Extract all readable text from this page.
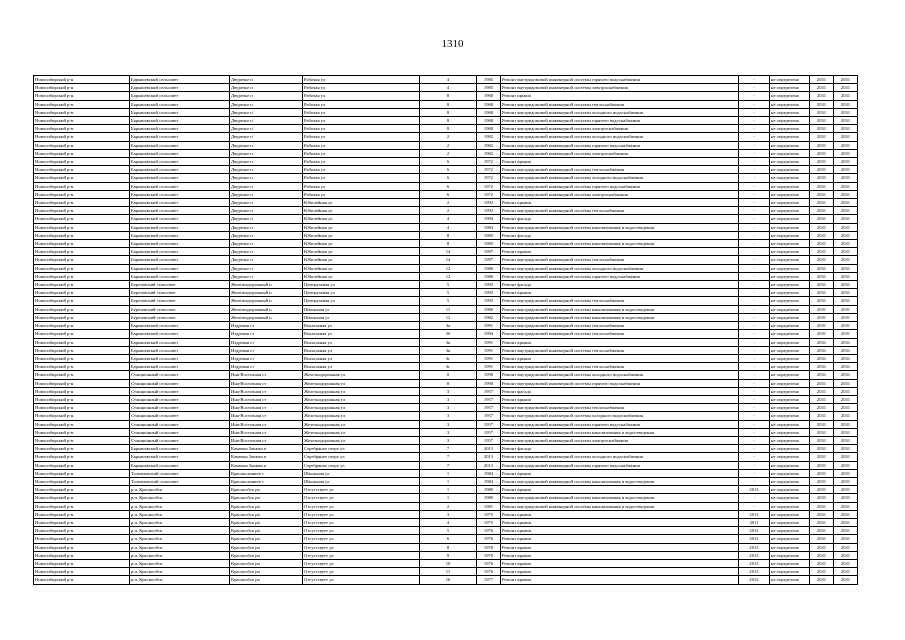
1310
Новосибирский р-н	Барышевский сельсовет	Двуречье п	Рабочая ул	4	1985	Ремонт внутридомовой инженерной системы горячего водоснабжения	-	не определено	2031	2031
Новосибирский р-н	Барышевский сельсовет	Двуречье п	Рабочая ул	4	1985	Ремонт внутридомовой инженерной системы электроснабжения	-	не определено	2031	2031
Новосибирский р-н	Барышевский сельсовет	Двуречье п	Рабочая ул	8	1968	Ремонт крыши	-	не определено	2031	2031
Новосибирский р-н	Барышевский сельсовет	Двуречье п	Рабочая ул	8	1968	Ремонт внутридомовой инженерной системы теплоснабжения	-	не определено	2031	2031
Новосибирский р-н	Барышевский сельсовет	Двуречье п	Рабочая ул	8	1968	Ремонт внутридомовой инженерной системы холодного водоснабжения	-	не определено	2031	2031
Новосибирский р-н	Барышевский сельсовет	Двуречье п	Рабочая ул	8	1968	Ремонт внутридомовой инженерной системы горячего водоснабжения	-	не определено	2031	2031
Новосибирский р-н	Барышевский сельсовет	Двуречье п	Рабочая ул	8	1968	Ремонт внутридомовой инженерной системы электроснабжения	-	не определено	2031	2031
Новосибирский р-н	Барышевский сельсовет	Двуречье п	Рабочая ул	2	1982	Ремонт внутридомовой инженерной системы холодного водоснабжения	-	не определено	2031	2031
Новосибирский р-н	Барышевский сельсовет	Двуречье п	Рабочая ул	2	1982	Ремонт внутридомовой инженерной системы горячего водоснабжения	-	не определено	2031	2031
Новосибирский р-н	Барышевский сельсовет	Двуречье п	Рабочая ул	2	1982	Ремонт внутридомовой инженерной системы электроснабжения	-	не определено	2031	2031
Новосибирский р-н	Барышевский сельсовет	Двуречье п	Рабочая ул	6	1972	Ремонт крыши	-	не определено	2031	2031
Новосибирский р-н	Барышевский сельсовет	Двуречье п	Рабочая ул	6	1972	Ремонт внутридомовой инженерной системы теплоснабжения	-	не определено	2031	2031
Новосибирский р-н	Барышевский сельсовет	Двуречье п	Рабочая ул	6	1972	Ремонт внутридомовой инженерной системы холодного водоснабжения	-	не определено	2031	2031
Новосибирский р-н	Барышевский сельсовет	Двуречье п	Рабочая ул	6	1972	Ремонт внутридомовой инженерной системы горячего водоснабжения	-	не определено	2031	2031
Новосибирский р-н	Барышевский сельсовет	Двуречье п	Рабочая ул	6	1972	Ремонт внутридомовой инженерной системы электроснабжения	-	не определено	2031	2031
Новосибирский р-н	Барышевский сельсовет	Двуречье п	Юбилейная ул	2	1992	Ремонт крыши	-	не определено	2031	2031
Новосибирский р-н	Барышевский сельсовет	Двуречье п	Юбилейная ул	2	1992	Ремонт внутридомовой инженерной системы теплоснабжения	-	не определено	2031	2031
Новосибирский р-н	Барышевский сельсовет	Двуречье п	Юбилейная ул	4	1984	Ремонт фасада	-	не определено	2031	2031
Новосибирский р-н	Барышевский сельсовет	Двуречье п	Юбилейная ул	4	1984	Ремонт внутридомовой инженерной системы канализования и водоотведения	-	не определено	2031	2031
Новосибирский р-н	Барышевский сельсовет	Двуречье п	Юбилейная ул	8	1985	Ремонт фасада	-	не определено	2031	2031
Новосибирский р-н	Барышевский сельсовет	Двуречье п	Юбилейная ул	8	1985	Ремонт внутридомовой инженерной системы канализования и водоотведения	-	не определено	2031	2031
Новосибирский р-н	Барышевский сельсовет	Двуречье п	Юбилейная ул	14	1997	Ремонт крыши	-	не определено	2031	2031
Новосибирский р-н	Барышевский сельсовет	Двуречье п	Юбилейная ул	14	1997	Ремонт внутридомовой инженерной системы теплоснабжения	-	не определено	2031	2031
Новосибирский р-н	Барышевский сельсовет	Двуречье п	Юбилейная ул	12	1986	Ремонт внутридомовой инженерной системы холодного водоснабжения	-	не определено	2031	2031
Новосибирский р-н	Барышевский сельсовет	Двуречье п	Юбилейная ул	12	1986	Ремонт внутридомовой инженерной системы горячего водоснабжения	-	не определено	2031	2031
Новосибирский р-н	Березовский сельсовет	Железнодорожный п	Центральная ул	5	1993	Ремонт фасада	-	не определено	2031	2031
Новосибирский р-н	Березовский сельсовет	Железнодорожный п	Центральная ул	5	1993	Ремонт крыши	-	не определено	2031	2031
Новосибирский р-н	Березовский сельсовет	Железнодорожный п	Центральная ул	5	1993	Ремонт внутридомовой инженерной системы теплоснабжения	-	не определено	2031	2031
Новосибирский р-н	Березовский сельсовет	Железнодорожный п	Школьная ул	11	1980	Ремонт внутридомовой инженерной системы канализования и водоотведения	-	не определено	2031	2031
Новосибирский р-н	Березовский сельсовет	Железнодорожный п	Школьная ул	12	1982	Ремонт внутридомовой инженерной системы канализования и водоотведения	-	не определено	2031	2031
Новосибирский р-н	Барышевский сельсовет	Издревая ст	Вокзальная ул	3а	1991	Ремонт внутридомовой инженерной системы теплоснабжения	-	не определено	2031	2031
Новосибирский р-н	Барышевский сельсовет	Издревая ст	Вокзальная ул	3б	1994	Ремонт внутридомовой инженерной системы теплоснабжения	-	не определено	2031	2031
Новосибирский р-н	Барышевский сельсовет	Издревая ст	Вокзальная ул	3в	1991	Ремонт крыши	-	не определено	2031	2031
Новосибирский р-н	Барышевский сельсовет	Издревая ст	Вокзальная ул	3в	1991	Ремонт внутридомовой инженерной системы теплоснабжения	-	не определено	2031	2031
Новосибирский р-н	Барышевский сельсовет	Издревая ст	Вокзальная ул	3г	1991	Ремонт крыши	-	не определено	2031	2031
Новосибирский р-н	Барышевский сельсовет	Издревая ст	Вокзальная ул	3г	1991	Ремонт внутридомовой инженерной системы теплоснабжения	-	не определено	2031	2031
Новосибирский р-н	Станционный сельсовет	Иня-Восточная ст	Железнодорожная ул	8	1990	Ремонт внутридомовой инженерной системы холодного водоснабжения	-	не определено	2031	2031
Новосибирский р-н	Станционный сельсовет	Иня-Восточная ст	Железнодорожная ул	8	1990	Ремонт внутридомовой инженерной системы горячего водоснабжения	-	не определено	2031	2031
Новосибирский р-н	Станционный сельсовет	Иня-Восточная ст	Железнодорожная ул	3	1957	Ремонт фасада	-	не определено	2031	2031
Новосибирский р-н	Станционный сельсовет	Иня-Восточная ст	Железнодорожная ул	3	1957	Ремонт крыши	-	не определено	2031	2031
Новосибирский р-н	Станционный сельсовет	Иня-Восточная ст	Железнодорожная ул	3	1957	Ремонт внутридомовой инженерной системы теплоснабжения	-	не определено	2031	2031
Новосибирский р-н	Станционный сельсовет	Иня-Восточная ст	Железнодорожная ул	3	1957	Ремонт внутридомовой инженерной системы холодного водоснабжения	-	не определено	2031	2031
Новосибирский р-н	Станционный сельсовет	Иня-Восточная ст	Железнодорожная ул	3	1957	Ремонт внутридомовой инженерной системы горячего водоснабжения	-	не определено	2031	2031
Новосибирский р-н	Станционный сельсовет	Иня-Восточная ст	Железнодорожная ул	3	1957	Ремонт внутридомовой инженерной системы канализования и водоотведения	-	не определено	2031	2031
Новосибирский р-н	Станционный сельсовет	Иня-Восточная ст	Железнодорожная ул	3	1957	Ремонт внутридомовой инженерной системы электроснабжения	-	не определено	2031	2031
Новосибирский р-н	Барышевский сельсовет	Каменка Заимка п	Серебряное озеро ул	7	2013	Ремонт фасада	-	не определено	2031	2031
Новосибирский р-н	Барышевский сельсовет	Каменка Заимка п	Серебряное озеро ул	7	2013	Ремонт внутридомовой инженерной системы холодного водоснабжения	-	не определено	2031	2031
Новосибирский р-н	Барышевский сельсовет	Каменка Заимка п	Серебряное озеро ул	7	2013	Ремонт внутридомовой инженерной системы горячего водоснабжения	-	не определено	2031	2031
Новосибирский р-н	Толмачевский сельсовет	Красноглинное с	Школьная ул	1	1984	Ремонт крыши	-	не определено	2031	2031
Новосибирский р-н	Толмачевский сельсовет	Красноглинное с	Школьная ул	1	1984	Ремонт внутридомовой инженерной системы канализования и водоотведения	-	не определено	2031	2031
Новосибирский р-н	р.п. Краснообск	Краснообск рп	Отсутствует ул	1	1980	Ремонт крыши	2013	не определено	2031	2031
Новосибирский р-н	р.п. Краснообск	Краснообск рп	Отсутствует ул	1	1980	Ремонт внутридомовой инженерной системы канализования и водоотведения	-	не определено	2031	2031
Новосибирский р-н	р.п. Краснообск	Краснообск рп	Отсутствует ул	2	1981	Ремонт внутридомовой инженерной системы канализования и водоотведения	-	не определено	2031	2031
Новосибирский р-н	р.п. Краснообск	Краснообск рп	Отсутствует ул	3	1975	Ремонт крыши	2013	не определено	2031	2031
Новосибирский р-н	р.п. Краснообск	Краснообск рп	Отсутствует ул	4	1975	Ремонт крыши	2011	не определено	2031	2031
Новосибирский р-н	р.п. Краснообск	Краснообск рп	Отсутствует ул	5	1976	Ремонт крыши	2012	не определено	2031	2031
Новосибирский р-н	р.п. Краснообск	Краснообск рп	Отсутствует ул	6	1976	Ремонт крыши	2012	не определено	2031	2031
Новосибирский р-н	р.п. Краснообск	Краснообск рп	Отсутствует ул	8	1978	Ремонт крыши	2013	не определено	2031	2031
Новосибирский р-н	р.п. Краснообск	Краснообск рп	Отсутствует ул	9	1979	Ремонт крыши	2013	не определено	2031	2031
Новосибирский р-н	р.п. Краснообск	Краснообск рп	Отсутствует ул	10	1976	Ремонт крыши	2013	не определено	2031	2031
Новосибирский р-н	р.п. Краснообск	Краснообск рп	Отсутствует ул	11	1976	Ремонт крыши	2013	не определено	2031	2031
Новосибирский р-н	р.п. Краснообск	Краснообск рп	Отсутствует ул	16	1977	Ремонт крыши	2012	не определено	2031	2031
